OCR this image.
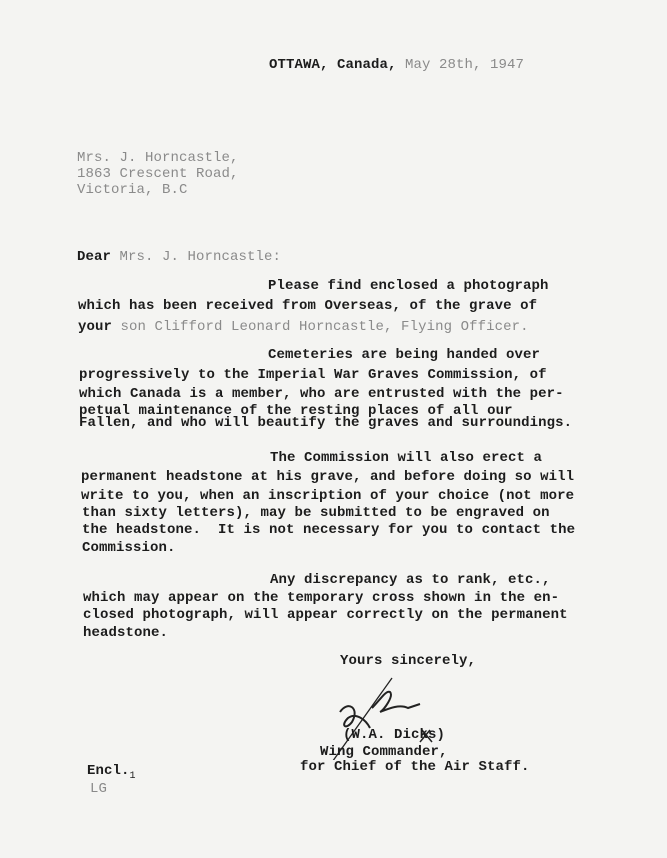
OTTAWA, Canada, May 28th, 1947
Mrs. J. Horncastle,
1863 Crescent Road,
Victoria, B.C
Dear Mrs. J. Horncastle:
Please find enclosed a photograph
which has been received from Overseas, of the grave of
your son Clifford Leonard Horncastle, Flying Officer.
Cemeteries are being handed over
progressively to the Imperial War Graves Commission, of
which Canada is a member, who are entrusted with the per-
petual maintenance of the resting places of all our
Fallen, and who will beautify the graves and surroundings.
The Commission will also erect a
permanent headstone at his grave, and before doing so will
write to you, when an inscription of your choice (not more
than sixty letters), may be submitted to be engraved on
the headstone.  It is not necessary for you to contact the
Commission.
Any discrepancy as to rank, etc.,
which may appear on the temporary cross shown in the en-
closed photograph, will appear correctly on the permanent
headstone.
Yours sincerely,
(W.A. Dicks)
Wing Commander,
for Chief of the Air Staff.
$Encl._1$
LG
